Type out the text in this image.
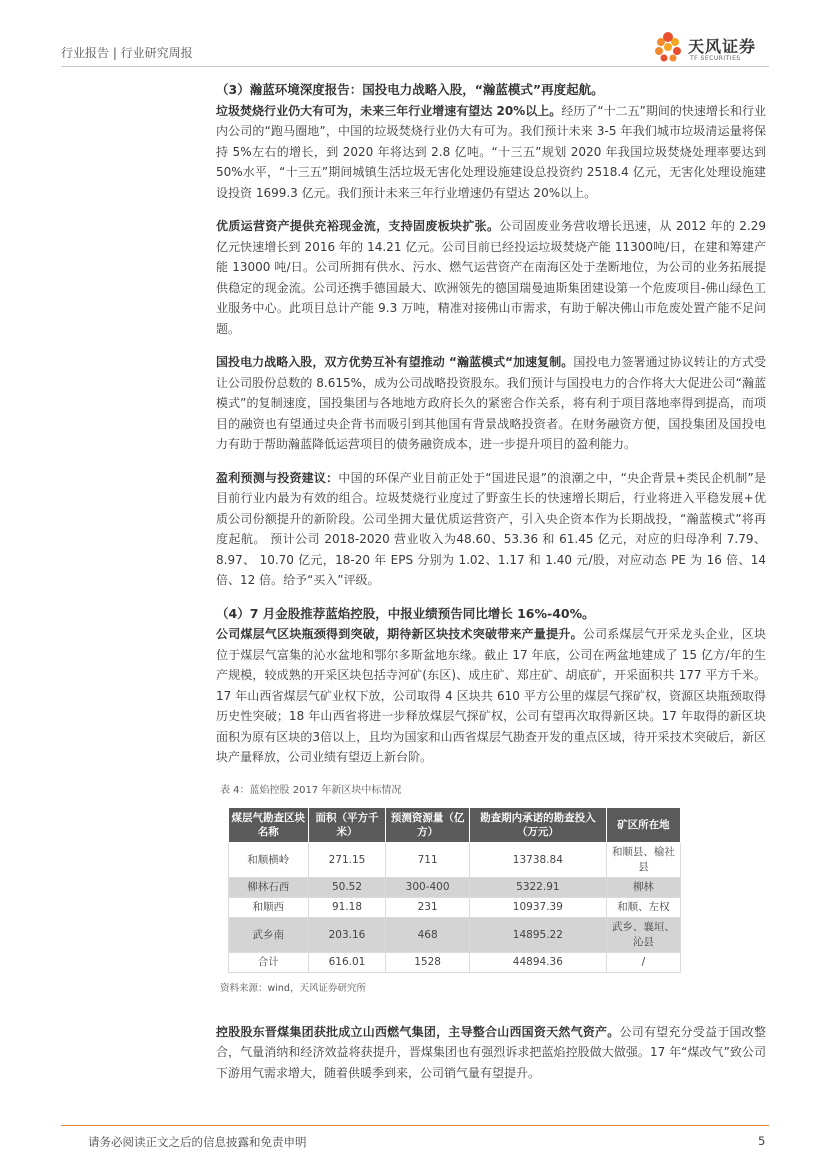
行业报告 | 行业研究周报	天风证券
TF SECURITIES
（3）瀚蓝环境深度报告：国投电力战略入股，“瀚蓝模式”再度起航。

垃圾焚烧行业仍大有可为，未来三年行业增速有望达 20%以上。经历了“十二五”期间的快速增长和行业内公司的“跑马圈地”，中国的垃圾焚烧行业仍大有可为。我们预计未来 3-5 年我们城市垃圾清运量将保持 5%左右的增长，到 2020 年将达到 2.8 亿吨。“十三五”规划 2020 年我国垃圾焚烧处理率要达到 50%水平，“十三五”期间城镇生活垃圾无害化处理设施建设总投资约 2518.4 亿元，无害化处理设施建设投资 1699.3 亿元。我们预计未来三年行业增速仍有望达 20%以上。

优质运营资产提供充裕现金流，支持固废板块扩张。公司固废业务营收增长迅速，从 2012 年的 2.29 亿元快速增长到 2016 年的 14.21 亿元。公司目前已经投运垃圾焚烧产能 11300吨/日，在建和筹建产能 13000 吨/日。公司所拥有供水、污水、燃气运营资产在南海区处于垄断地位，为公司的业务拓展提供稳定的现金流。公司还携手德国最大、欧洲领先的德国瑞曼迪斯集团建设第一个危废项目-佛山绿色工业服务中心。此项目总计产能 9.3 万吨，精准对接佛山市需求，有助于解决佛山市危废处置产能不足问题。

国投电力战略入股，双方优势互补有望推动 “瀚蓝模式“加速复制。国投电力签署通过协议转让的方式受让公司股份总数的 8.615%，成为公司战略投资股东。我们预计与国投电力的合作将大大促进公司“瀚蓝模式”的复制速度，国投集团与各地地方政府长久的紧密合作关系，将有利于项目落地率得到提高，而项目的融资也有望通过央企背书而吸引到其他国有背景战略投资者。在财务融资方便，国投集团及国投电力有助于帮助瀚蓝降低运营项目的债务融资成本，进一步提升项目的盈利能力。

盈利预测与投资建议：中国的环保产业目前正处于“国进民退”的浪潮之中，“央企背景+类民企机制”是目前行业内最为有效的组合。垃圾焚烧行业度过了野蛮生长的快速增长期后，行业将进入平稳发展+优质公司份额提升的新阶段。公司坐拥大量优质运营资产，引入央企资本作为长期战投，“瀚蓝模式”将再度起航。 预计公司 2018-2020 营业收入为48.60、53.36 和 61.45 亿元，对应的归母净利 7.79、8.97、 10.70 亿元，18-20 年 EPS 分别为 1.02、1.17 和 1.40 元/股，对应动态 PE 为 16 倍、14 倍、12 倍。给予“买入”评级。

（4）7 月金股推荐蓝焰控股，中报业绩预告同比增长 16%-40%。

公司煤层气区块瓶颈得到突破，期待新区块技术突破带来产量提升。公司系煤层气开采龙头企业，区块位于煤层气富集的沁水盆地和鄂尔多斯盆地东缘。截止 17 年底，公司在两盆地建成了 15 亿方/年的生产规模，较成熟的开采区块包括寺河矿(东区)、成庄矿、郑庄矿、胡底矿，开采面积共 177 平方千米。17 年山西省煤层气矿业权下放，公司取得 4 区块共 610 平方公里的煤层气探矿权，资源区块瓶颈取得历史性突破；18 年山西省将进一步释放煤层气探矿权，公司有望再次取得新区块。17 年取得的新区块面积为原有区块的3倍以上，且均为国家和山西省煤层气勘查开发的重点区域，待开采技术突破后，新区块产量释放，公司业绩有望迈上新台阶。

表 4：蓝焰控股 2017 年新区块中标情况
煤层气勘查区块名称	面积（平方千米）	预测资源量（亿方）	勘查期内承诺的勘查投入（万元）	矿区所在地
和顺横岭	271.15	711	13738.84	和顺县、榆社县
柳林石西	50.52	300-400	5322.91	柳林
和顺西	91.18	231	10937.39	和顺、左权
武乡南	203.16	468	14895.22	武乡、襄垣、沁县
合计	616.01	1528	44894.36	/
资料来源：wind，天风证券研究所

控股股东晋煤集团获批成立山西燃气集团，主导整合山西国资天然气资产。公司有望充分受益于国改整合，气量消纳和经济效益将获提升，晋煤集团也有强烈诉求把蓝焰控股做大做强。17 年“煤改气”致公司下游用气需求增大，随着供暖季到来，公司销气量有望提升。

请务必阅读正文之后的信息披露和免责申明	5
